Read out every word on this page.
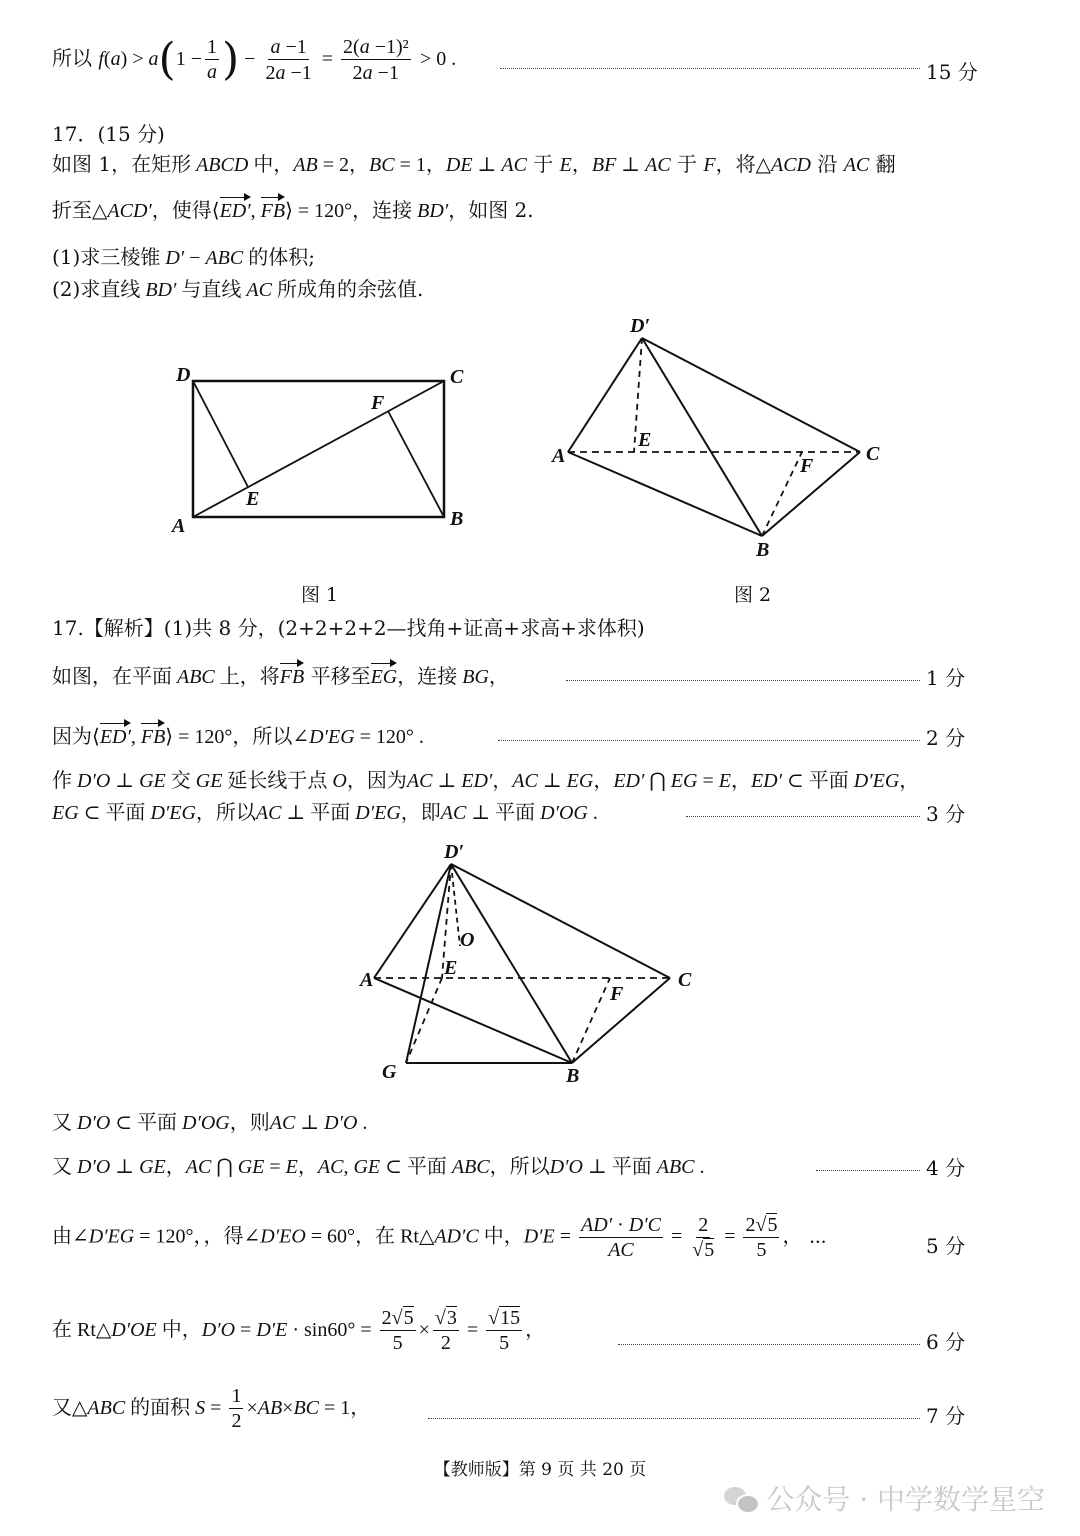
所以 $f(a) > a(1 - \frac{1}{a}$ ) − $\frac{a -1}{2a -1} = \frac{\text{2(a −1)²}}{2a -1} > 0$ .
15 分
17．(15 分)
如图 1，在矩形 ABCD 中，AB = 2，BC = 1，DE ⊥ AC 于 E，BF ⊥ AC 于 F，将△ACD 沿 AC 翻
折至△ACD′，使得⟨ED′, FB⟩ = 120°，连接 BD′，如图 2.
(1)求三棱锥 D′ − ABC 的体积;
(2)求直线 BD′ 与直线 AC 所成角的余弦值.
D	C
A	B
E
F
图 1
D′
A	C
B
E
F
图 2
17.【解析】(1)共 8 分，(2+2+2+2—找角+证高+求高+求体积)
如图，在平面 ABC 上，将FB 平移至EG，连接 BG，	1 分
因为⟨ED′, FB⟩ = 120°，所以∠D′EG = 120° .	2 分
作 D′O ⊥ GE 交 GE 延长线于点 O，因为AC ⊥ ED′，AC ⊥ EG，ED′ ⋂ EG = E，ED′ ⊂ 平面 D′EG，
EG ⊂ 平面 D′EG，所以AC ⊥ 平面 D′EG，即AC ⊥ 平面 D′OG .	3 分
D′
O
E
A	C
F
G	B
又 D′O ⊂ 平面 D′OG，则AC ⊥ D′O .
又 D′O ⊥ GE，AC ⋂ GE = E，AC, GE ⊂ 平面 ABC，所以D′O ⊥ 平面 ABC .	4 分
由∠D′EG = 120°，，得∠D′EO = 60°，在 Rt△AD′C 中，$D'E = \frac{AD' \cdot D'C}{AC} = \frac{2}{√5} = \frac{2√5}{5}$ ， ⋯	5 分
在 Rt△D′OE 中，$D'O = D'E \cdot \sin 60^\circ = \frac{2√5}{5} \times \frac{√3}{2} = \frac{√15}{5}$ ，
6 分
又△ABC 的面积 $S = \frac{1}{2} \times AB\times BC = 1$，	7 分
【教师版】第 9 页 共 20 页
公众号 · 中学数学星空
